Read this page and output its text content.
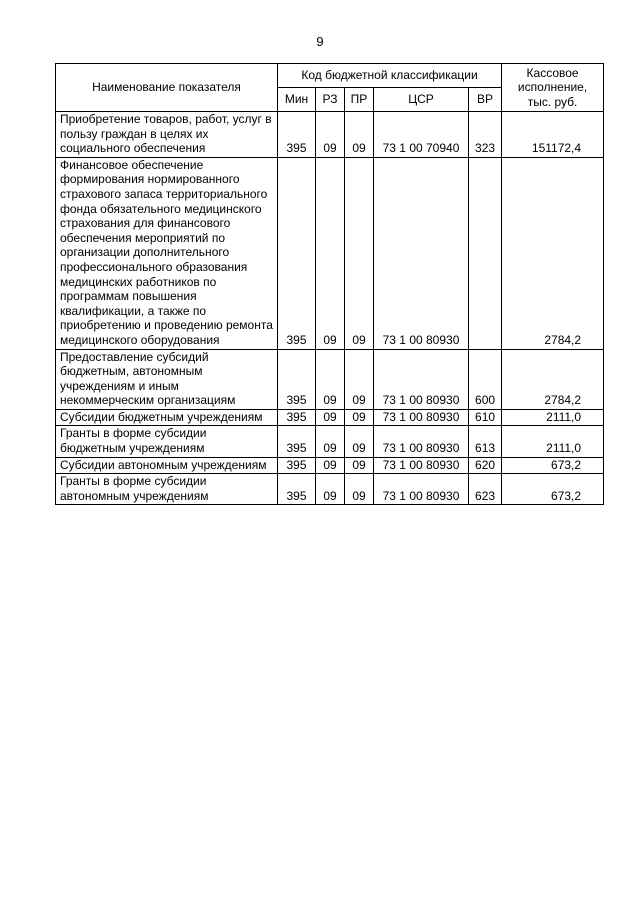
9
Наименование показателя	Код бюджетной классификации					Кассовое исполнение, тыс. руб.
	Мин	РЗ	ПР	ЦСР	ВР	
Приобретение товаров, работ, услуг в пользу граждан в целях их социального обеспечения	395	09	09	73 1 00 70940	323	151172,4
Финансовое обеспечение формирования нормированного страхового запаса территориального фонда обязательного медицинского страхования для финансового обеспечения мероприятий по организации дополнительного профессионального образования медицинских работников по программам повышения квалификации, а также по приобретению и проведению ремонта медицинского оборудования	395	09	09	73 1 00 80930		2784,2
Предоставление субсидий бюджетным, автономным учреждениям и иным некоммерческим организациям	395	09	09	73 1 00 80930	600	2784,2
Субсидии бюджетным учреждениям	395	09	09	73 1 00 80930	610	2111,0
Гранты в форме субсидии бюджетным учреждениям	395	09	09	73 1 00 80930	613	2111,0
Субсидии автономным учреждениям	395	09	09	73 1 00 80930	620	673,2
Гранты в форме субсидии автономным учреждениям	395	09	09	73 1 00 80930	623	673,2
